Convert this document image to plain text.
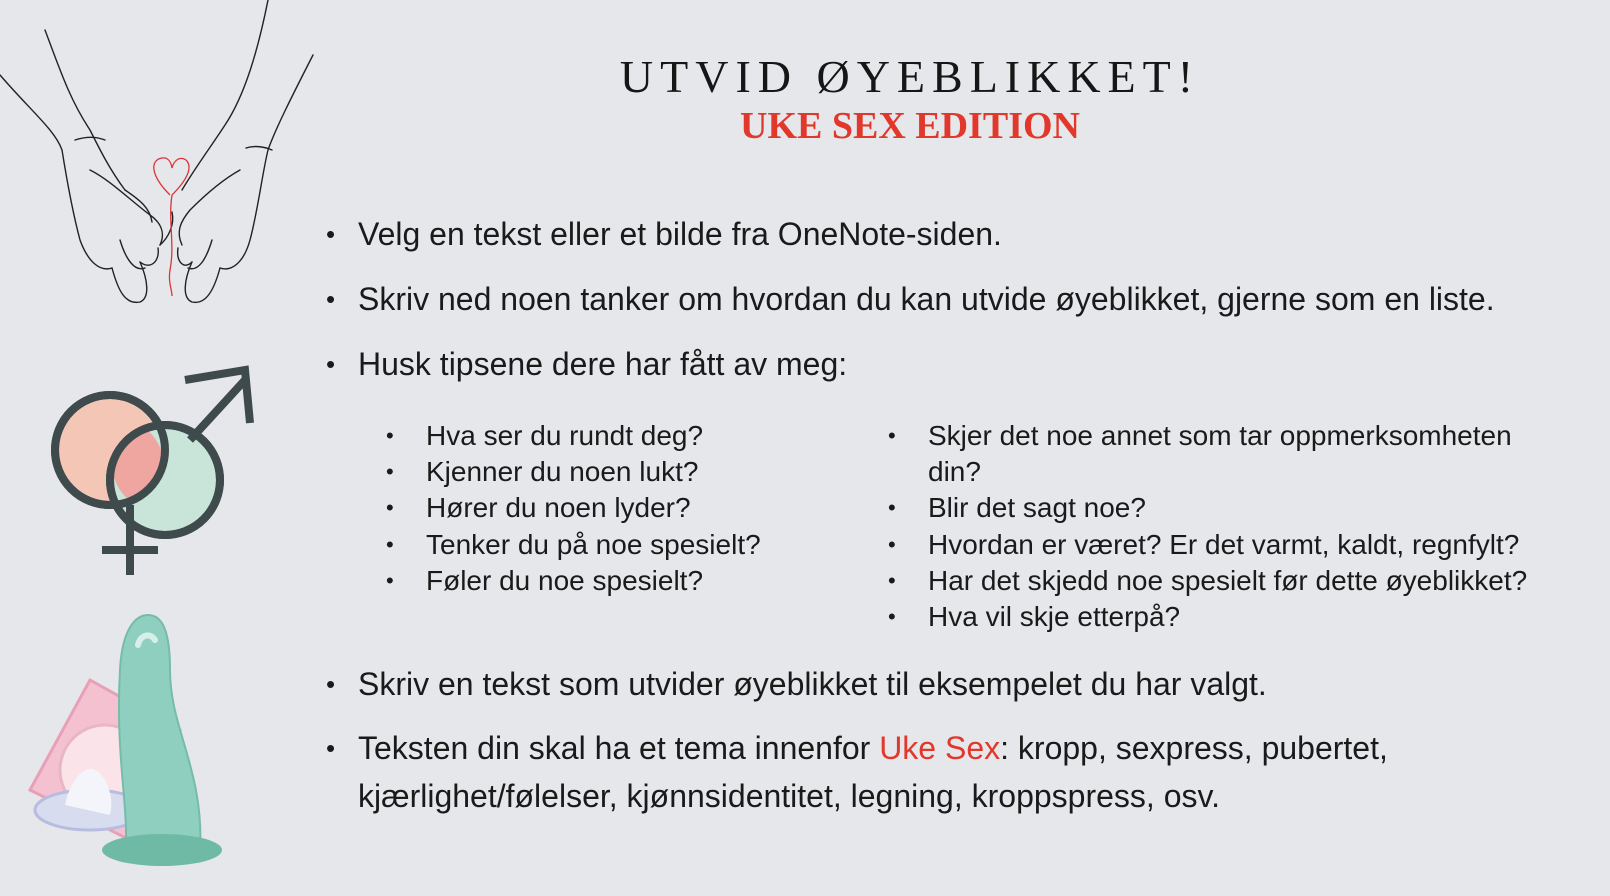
UTVID ØYEBLIKKET!
UKE SEX EDITION
• Velg en tekst eller et bilde fra OneNote-siden.
• Skriv ned noen tanker om hvordan du kan utvide øyeblikket, gjerne som en liste.
• Husk tipsene dere har fått av meg:
• Skriv en tekst som utvider øyeblikket til eksempelet du har valgt.
• Teksten din skal ha et tema innenfor Uke Sex: kropp, sexpress, pubertet,
kjærlighet/følelser, kjønnsidentitet, legning, kroppspress, osv.
• Hva ser du rundt deg?
• Kjenner du noen lukt?
• Hører du noen lyder?
• Tenker du på noe spesielt?
• Føler du noe spesielt?
• Skjer det noe annet som tar oppmerksomheten
din?
• Blir det sagt noe?
• Hvordan er været? Er det varmt, kaldt, regnfylt?
• Har det skjedd noe spesielt før dette øyeblikket?
• Hva vil skje etterpå?
